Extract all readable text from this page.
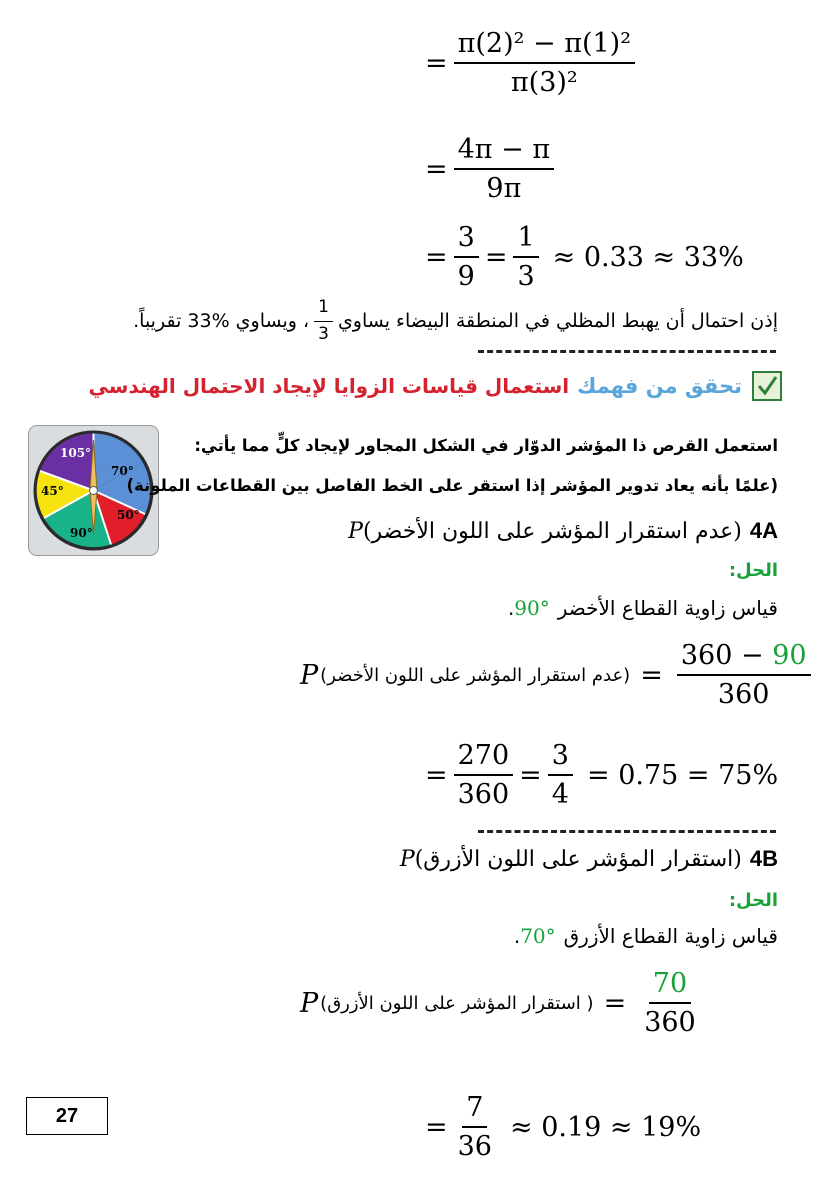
= $\frac{\text{π(2)² − π(1)²}}{\text{π(3)²}}$
= $\frac{4\pi - \pi}{9\pi}$
= $\frac{3}{9} = \frac{1}{3} \approx 0.33 \approx 33\%$
إذن احتمال أن يهبط المظلي في المنطقة البيضاء يساوي
$\frac{1}{3}$
، ويساوي %33 تقريباً.
تحقق من فهمك
استعمال قياسات الزوايا لإيجاد الاحتمال الهندسي
105°
70°
50°
90°
45°
استعمل القرص ذا المؤشر الدوّار في الشكل المجاور لإيجاد كلٍّ مما يأتي:
(علمًا بأنه يعاد تدوير المؤشر إذا استقر على الخط الفاصل بين القطاعات الملونة)
4A
(عدم استقرار المؤشر على اللون الأخضر)
P
الحل:
قياس زاوية القطاع الأخضر
90°
.
P (عدم استقرار المؤشر على اللون الأخضر) = $\frac{360 - 90}{360}$
= $\frac{270}{360} = \frac{3}{4} = 0.75 = 75\%$
4B
(استقرار المؤشر على اللون الأزرق)
P
الحل:
قياس زاوية القطاع الأزرق
70°
.
P ( استقرار المؤشر على اللون الأزرق) = $\frac{70}{360}$
= $\frac{7}{36} \approx 0.19 \approx 19\%$
27
